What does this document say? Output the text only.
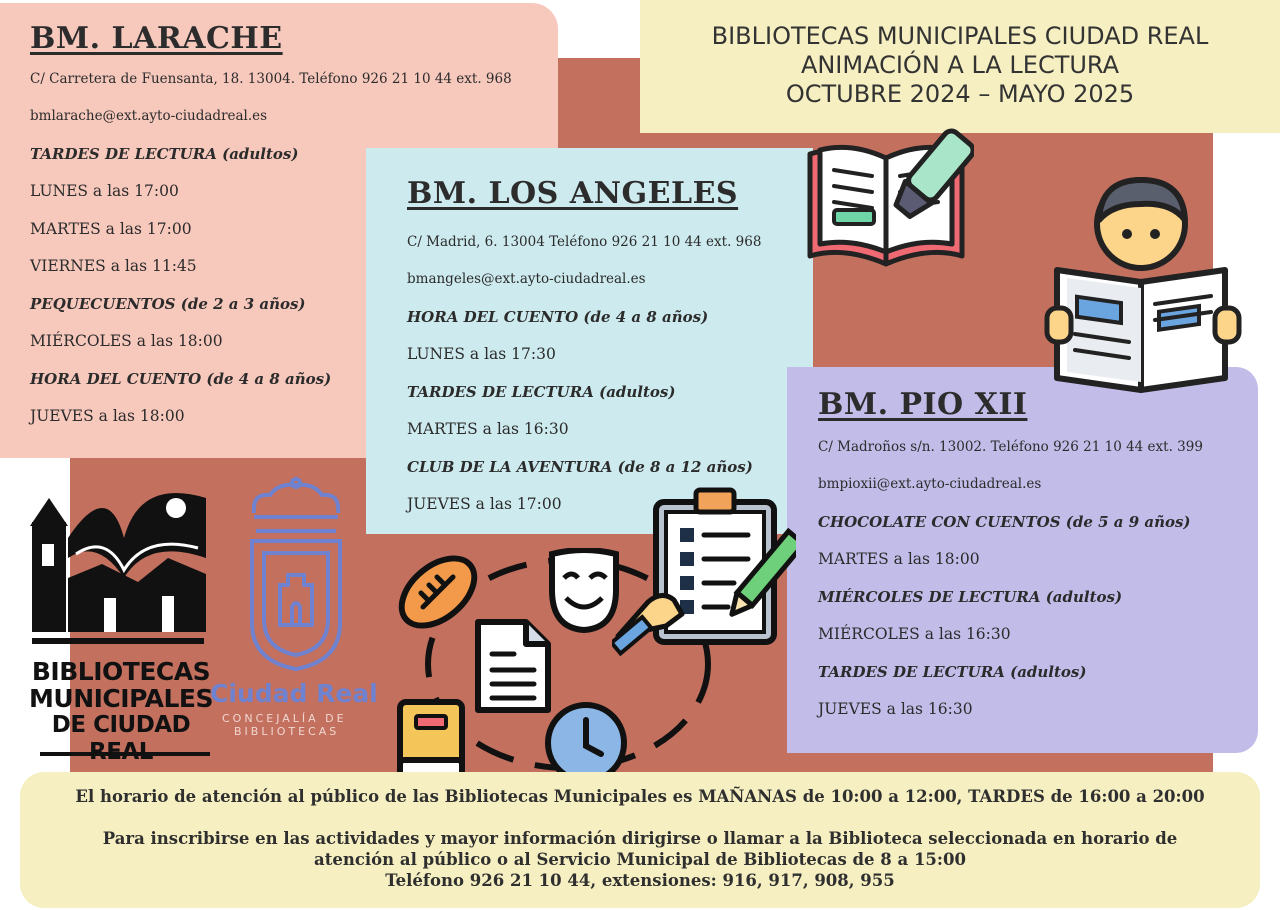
BM. LARACHE
C/ Carretera de Fuensanta, 18. 13004. Teléfono 926 21 10 44 ext. 968
bmlarache@ext.ayto-ciudadreal.es
TARDES DE LECTURA (adultos)
LUNES a las 17:00
MARTES a las 17:00
VIERNES a las 11:45
PEQUECUENTOS (de 2 a 3 años)
MIÉRCOLES a las 18:00
HORA DEL CUENTO (de 4 a 8 años)
JUEVES a las 18:00
BIBLIOTECAS MUNICIPALES CIUDAD REAL
ANIMACIÓN A LA LECTURA
OCTUBRE 2024 – MAYO 2025
BM. LOS ANGELES
C/ Madrid, 6. 13004 Teléfono 926 21 10 44 ext. 968
bmangeles@ext.ayto-ciudadreal.es
HORA DEL CUENTO (de 4 a 8 años)
LUNES a las 17:30
TARDES DE LECTURA (adultos)
MARTES a las 16:30
CLUB DE LA AVENTURA (de 8 a 12 años)
JUEVES a las 17:00
BM. PIO XII
C/ Madroños s/n. 13002. Teléfono 926 21 10 44 ext. 399
bmpioxii@ext.ayto-ciudadreal.es
CHOCOLATE CON CUENTOS (de 5 a 9 años)
MARTES a las 18:00
MIÉRCOLES DE LECTURA (adultos)
MIÉRCOLES a las 16:30
TARDES DE LECTURA (adultos)
JUEVES a las 16:30
BIBLIOTECAS
MUNICIPALES
DE CIUDAD
Ciudad Real
CONCEJALÍA DE
BIBLIOTECAS
El horario de atención al público de las Bibliotecas Municipales es MAÑANAS de 10:00 a 12:00, TARDES de 16:00 a 20:00
Para inscribirse en las actividades y mayor información dirigirse o llamar a la Biblioteca seleccionada en horario de
atención al público o al Servicio Municipal de Bibliotecas de 8 a 15:00
Teléfono 926 21 10 44, extensiones: 916, 917, 908, 955
